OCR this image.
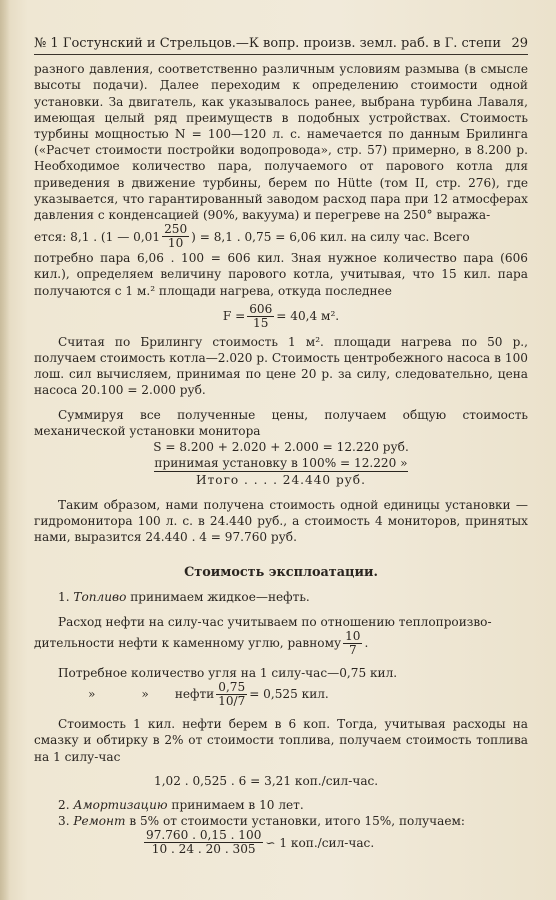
№ 1 Гостунский и Стрельцов.—К вопр. произв. земл. раб. в Г. степи 29

разного давления, соответственно различным условиям размыва (в смысле высоты подачи). Далее переходим к определению стоимости одной установки. За двигатель, как указывалось ранее, выбрана турбина Лаваля, имеющая целый ряд преимуществ в подобных устройствах. Стоимость турбины мощностью N = 100—120 л. с. намечается по данным Брилинга («Расчет стоимости постройки водопровода», стр. 57) примерно, в 8.200 р. Необходимое количество пара, получаемого от парового котла для приведения в движение турбины, берем по Hütte (том II, стр. 276), где указывается, что гарантированный заводом расход пара при 12 атмосферах давления с конденсацией (90%, вакуума) и перегреве на 250° выража-

ется: 8,1 . (1 — $0,01 \frac{250}{10}$ ) = 8,1 . 0,75 = 6,06 кил. на силу час. Всего

потребно пара 6,06 . 100 = 606 кил. Зная нужное количество пара (606 кил.), определяем величину парового котла, учитывая, что 15 кил. пара получаются с 1 м.² площади нагрева, откуда последнее

$F = \frac{606}{15} = 40,4$ м².

Считая по Брилингу стоимость 1 м². площади нагрева по 50 р., получаем стоимость котла—2.020 р. Стоимость центробежного насоса в 100 лош. сил вычисляем, принимая по цене 20 р. за силу, следовательно, цена насоса 20.100 = 2.000 руб.

Суммируя все полученные цены, получаем общую стоимость механической установки монитора

S = 8.200 + 2.020 + 2.000 = 12.220 руб.
принимая установку в 100% = 12.220 »
Итого . . . . 24.440 руб.

Таким образом, нами получена стоимость одной единицы установки —гидромонитора 100 л. с. в 24.440 руб., а стоимость 4 мониторов, принятых нами, выразится 24.440 . 4 = 97.760 руб.

Стоимость эксплоатации.

1. Топливо принимаем жидкое—нефть.

Расход нефти на силу-час учитываем по отношению теплопроизво-

дительности нефти к каменному углю, равному $\frac{10}{7}$ .

Потребное количество угля на 1 силу-час—0,75 кил.

»	» нефти $\frac{0,75}{10/7} = 0,525$ кил.

Стоимость 1 кил. нефти берем в 6 коп. Тогда, учитывая расходы на смазку и обтирку в 2% от стоимости топлива, получаем стоимость топлива на 1 силу-час

1,02 . 0,525 . 6 = 3,21 коп./сил-час.

2. Амортизацию принимаем в 10 лет.

3. Ремонт в 5% от стоимости установки, итого 15%, получаем:

$\frac{97.760 . 0,15 . 100}{10 . 24 . 20 . 305}$ ∽ 1 коп./сил-час.
